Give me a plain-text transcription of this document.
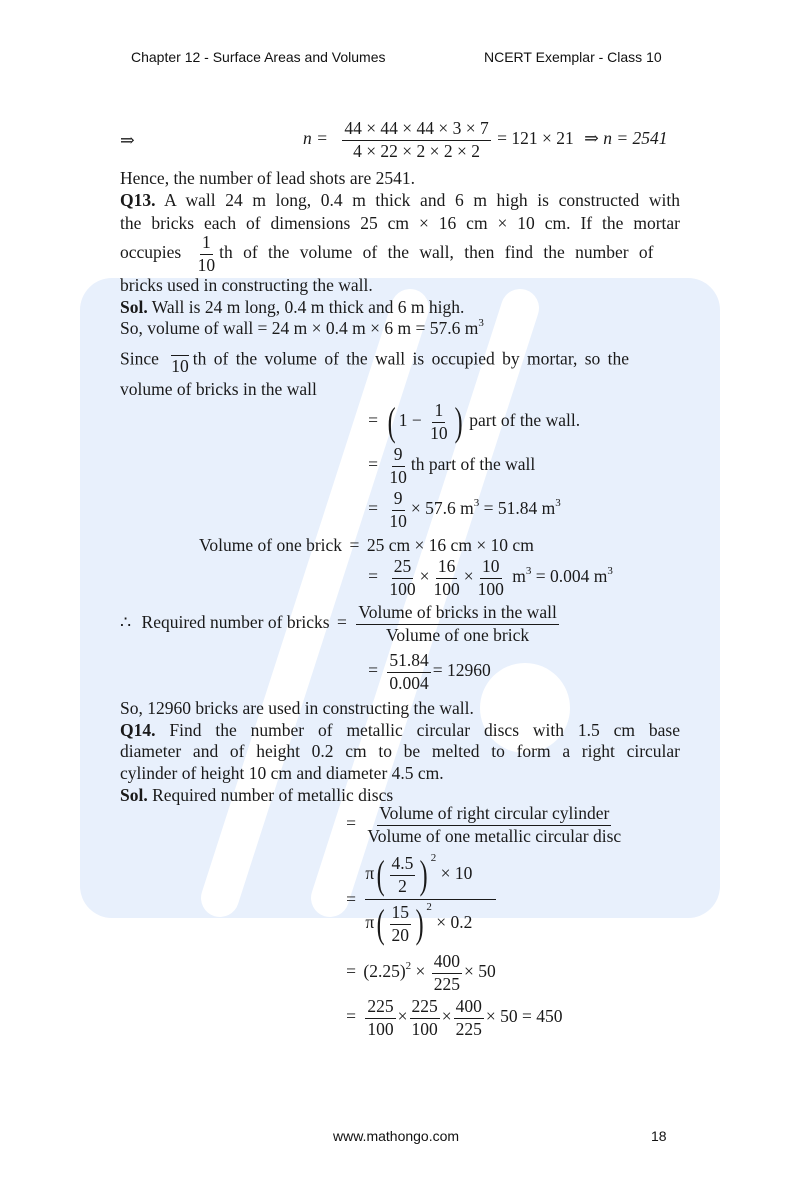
Chapter 12 - Surface Areas and Volumes	NCERT Exemplar - Class 10
⇒	$n = \frac{44 \times 44 \times 44 \times 3 \times 7}{4 \times 22 \times 2 \times 2 \times 2} = 121 \times 21$ ⇒ n = 2541
Hence, the number of lead shots are 2541.
Q13. A wall 24 m long, 0.4 m thick and 6 m high is constructed with
the bricks each of dimensions 25 cm × 16 cm × 10 cm. If the mortar
occupies $\frac{1}{10}$ th of the volume of the wall, then find the number of
bricks used in constructing the wall.
Sol. Wall is 24 m long, 0.4 m thick and 6 m high.
So, volume of wall = 24 m × 0.4 m × 6 m = 57.6 $m^3$
Since 10 th of the volume of the wall is occupied by mortar, so the
volume of bricks in the wall
= ( $1 - \frac{1}{10}$ ) part of the wall.
= $\frac{9}{10}$ th part of the wall
= $\frac{9}{10} \times 57.6$ $m^3 = 51.84$ $m^3$
Volume of one brick = 25 cm × 16 cm × 10 cm
= $\frac{25}{100} \times \frac{16}{100} \times \frac{10}{100} m^3 = 0.004$ $m^3$
∴ Required number of bricks = $\frac{\text{Volume of bricks in the wall}}{\text{Volume of one brick}}$
= $\frac{51.84}{0.004} = 12960$
So, 12960 bricks are used in constructing the wall.
Q14. Find the number of metallic circular discs with 1.5 cm base
diameter and of height 0.2 cm to be melted to form a right circular
cylinder of height 10 cm and diameter 4.5 cm.
Sol. Required number of metallic discs
= $\frac{\text{Volume of right circular cylinder}}{\text{Volume of one metallic circular disc}}$
= $\frac{\pi( \frac{4.5}{2} ) ^2 \times 10}{\pi( \frac{15}{20} ) ^2 \times 0.2}$
= $(2.25)^2 \times \frac{400}{225} \times 50$
= $\frac{225}{100} \times \frac{225}{100} \times \frac{400}{225} \times 50 = 450$
www.mathongo.com	18
